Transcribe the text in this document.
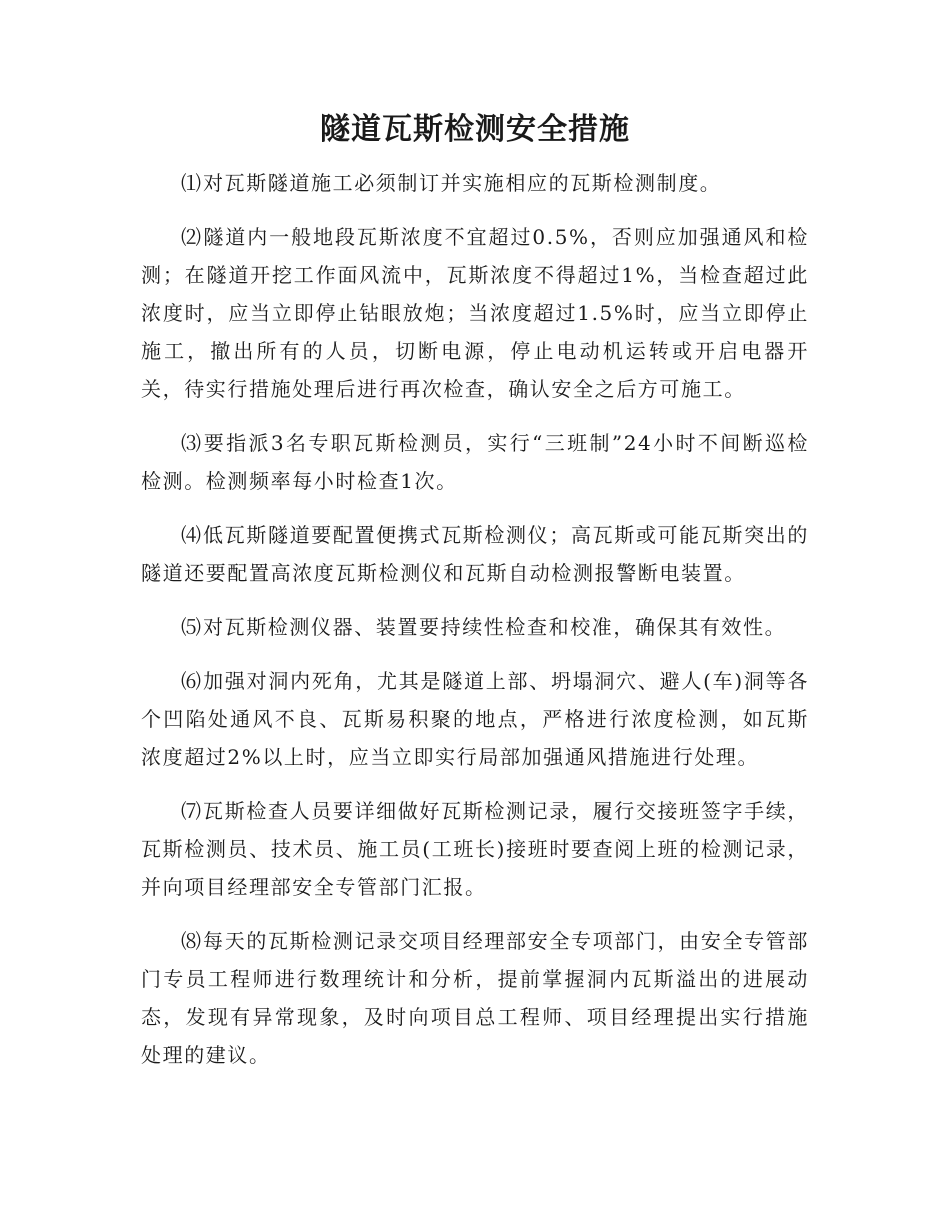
隧道瓦斯检测安全措施

⑴ 对瓦斯隧道施工必须制订并实施相应的瓦斯检测制度。

⑵ 隧道内一般地段瓦斯浓度不宜超过0.5%，否则应加强通风和检测；在隧道开挖工作面风流中，瓦斯浓度不得超过1%，当检查超过此浓度时，应当立即停止钻眼放炮；当浓度超过1.5%时，应当立即停止施工，撤出所有的人员，切断电源，停止电动机运转或开启电器开关，待实行措施处理后进行再次检查，确认安全之后方可施工。

⑶ 要指派3名专职瓦斯检测员，实行“三班制”24小时不间断巡检检测。检测频率每小时检查1次。

⑷ 低瓦斯隧道要配置便携式瓦斯检测仪；高瓦斯或可能瓦斯突出的隧道还要配置高浓度瓦斯检测仪和瓦斯自动检测报警断电装置。

⑸ 对瓦斯检测仪器、装置要持续性检查和校准，确保其有效性。

⑹ 加强对洞内死角，尤其是隧道上部、坍塌洞穴、避人(车)洞等各个凹陷处通风不良、瓦斯易积聚的地点，严格进行浓度检测，如瓦斯浓度超过2%以上时，应当立即实行局部加强通风措施进行处理。

⑺ 瓦斯检查人员要详细做好瓦斯检测记录，履行交接班签字手续，瓦斯检测员、技术员、施工员(工班长)接班时要查阅上班的检测记录，并向项目经理部安全专管部门汇报。

⑻ 每天的瓦斯检测记录交项目经理部安全专项部门，由安全专管部门专员工程师进行数理统计和分析，提前掌握洞内瓦斯溢出的进展动态，发现有异常现象，及时向项目总工程师、项目经理提出实行措施处理的建议。
